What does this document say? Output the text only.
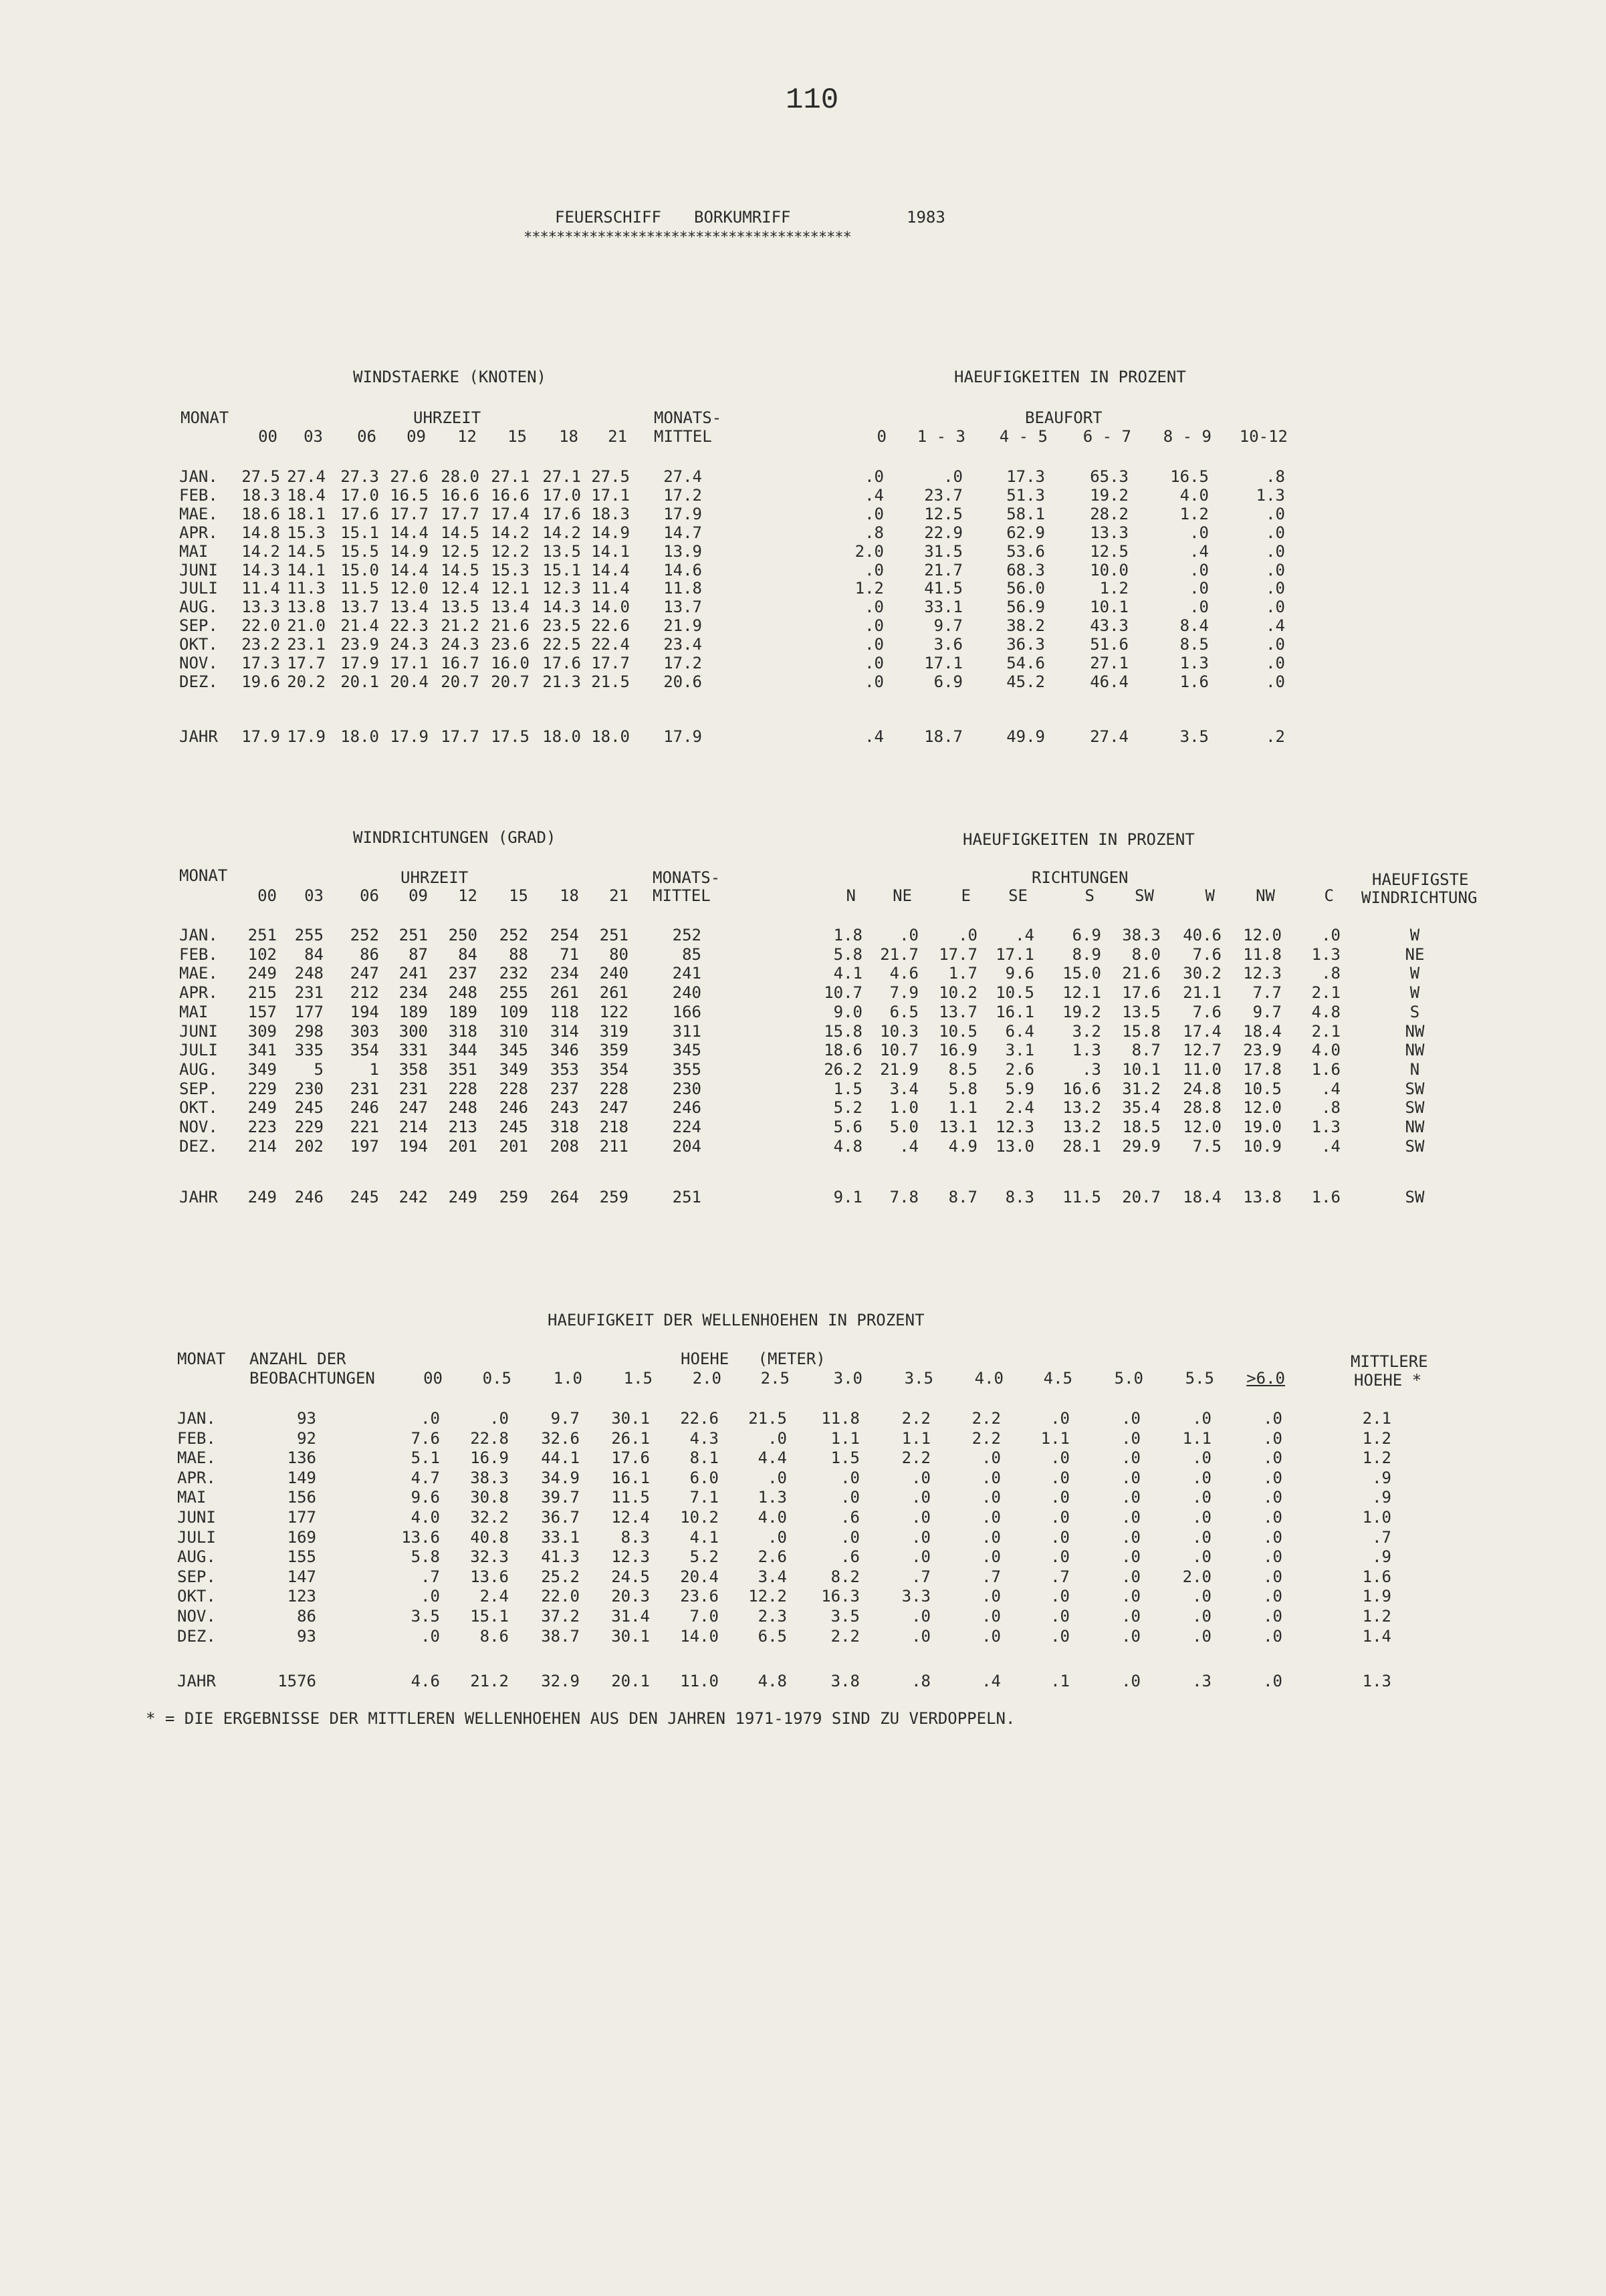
110
FEUERSCHIFF BORKUMRIFF	1983
****************************************
WINDSTAERKE (KNOTEN)	HAEUFIGKEITEN IN PROZENT
MONAT	UHRZEIT	MONATS-
MITTEL
BEAUFORT
00 03 06 09 12 15 18 21	0 1 - 3 4 - 5 6 - 7 8 - 9 10-12
JAN. 27.5 27.4 27.3 27.6 28.0 27.1 27.1 27.5 27.4	.0	.0	17.3	65.3	16.5	.8
FEB. 18.3 18.4 17.0 16.5 16.6 16.6 17.0 17.1 17.2	.4	23.7	51.3	19.2	4.0	1.3
MAE. 18.6 18.1 17.6 17.7 17.7 17.4 17.6 18.3 17.9	.0	12.5	58.1	28.2	1.2	.0
APR. 14.8 15.3 15.1 14.4 14.5 14.2 14.2 14.9 14.7	.8	22.9	62.9	13.3	.0	.0
MAI 14.2 14.5 15.5 14.9 12.5 12.2 13.5 14.1 13.9	2.0	31.5	53.6	12.5	.4	.0
JUNI 14.3 14.1 15.0 14.4 14.5 15.3 15.1 14.4 14.6	.0	21.7	68.3	10.0	.0	.0
JULI 11.4 11.3 11.5 12.0 12.4 12.1 12.3 11.4 11.8	1.2	41.5	56.0	1.2	.0	.0
AUG. 13.3 13.8 13.7 13.4 13.5 13.4 14.3 14.0 13.7	.0	33.1	56.9	10.1	.0	.0
SEP. 22.0 21.0 21.4 22.3 21.2 21.6 23.5 22.6 21.9	.0	9.7	38.2	43.3	8.4	.4
OKT. 23.2 23.1 23.9 24.3 24.3 23.6 22.5 22.4 23.4	.0	3.6	36.3	51.6	8.5	.0
NOV. 17.3 17.7 17.9 17.1 16.7 16.0 17.6 17.7 17.2	.0	17.1	54.6	27.1	1.3	.0
DEZ. 19.6 20.2 20.1 20.4 20.7 20.7 21.3 21.5 20.6	.0	6.9	45.2	46.4	1.6	.0
JAHR 17.9 17.9 18.0 17.9 17.7 17.5 18.0 18.0 17.9	.4	18.7	49.9	27.4	3.5	.2
WINDRICHTUNGEN (GRAD)	HAEUFIGKEITEN IN PROZENT
MONAT	UHRZEIT	MONATS-
MITTEL
RICHTUNGEN	HAEUFIGSTE
WINDRICHTUNG
00 03 06 09 12 15 18 21	N NE	E SE	S	SW	W	NW	C
JAN. 251 255 252 251 250 252 254 251	252	1.8 .0 .0 .4 6.9 38.3 40.6 12.0 .0	W
FEB. 102 84 86 87 84 88 71 80	85	5.8 21.7 17.7 17.1 8.9 8.0 7.6 11.8 1.3	NE
MAE. 249 248 247 241 237 232 234 240	241	4.1 4.6 1.7 9.6 15.0 21.6 30.2 12.3 .8	W
APR. 215 231 212 234 248 255 261 261	240	10.7 7.9 10.2 10.5 12.1 17.6 21.1 7.7 2.1	W
MAI 157 177 194 189 189 109 118 122	166	9.0 6.5 13.7 16.1 19.2 13.5 7.6 9.7 4.8	S
JUNI 309 298 303 300 318 310 314 319	311	15.8 10.3 10.5 6.4 3.2 15.8 17.4 18.4 2.1	NW
JULI 341 335 354 331 344 345 346 359	345	18.6 10.7 16.9 3.1 1.3 8.7 12.7 23.9 4.0	NW
AUG. 349 5	1 358 351 349 353 354	355	26.2 21.9 8.5 2.6	.3 10.1 11.0 17.8 1.6	N
SEP. 229 230 231 231 228 228 237 228	230	1.5 3.4 5.8 5.9 16.6 31.2 24.8 10.5 .4	SW
OKT. 249 245 246 247 248 246 243 247	246	5.2 1.0 1.1 2.4 13.2 35.4 28.8 12.0 .8	SW
NOV. 223 229 221 214 213 245 318 218	224	5.6 5.0 13.1 12.3 13.2 18.5 12.0 19.0 1.3	NW
DEZ. 214 202 197 194 201 201 208 211	204	4.8 .4 4.9 13.0 28.1 29.9 7.5 10.9 .4	SW
JAHR 249 246 245 242 249 259 264 259	251	9.1 7.8 8.7 8.3 11.5 20.7 18.4 13.8 1.6	SW
HAEUFIGKEIT DER WELLENHOEHEN IN PROZENT
MONAT ANZAHL DER
BEOBACHTUNGEN
HOEHE   (METER)	MITTLERE
HOEHE *
00 0.5	1.0	1.5 2.0 2.5	3.0	3.5	4.0 4.5	5.0	5.5 >6.0
JAN.	93	.0	.0	9.7 30.1 22.6 21.5 11.8	2.2	2.2	.0	.0	.0	.0	2.1
FEB.	92	7.6 22.8 32.6 26.1 4.3	.0	1.1	1.1	2.2 1.1	.0	1.1	.0	1.2
MAE.	136	5.1 16.9 44.1 17.6 8.1 4.4	1.5	2.2	.0	.0	.0	.0	.0	1.2
APR.	149	4.7 38.3 34.9 16.1 6.0	.0	.0	.0	.0	.0	.0	.0	.0	.9
MAI	156	9.6 30.8 39.7 11.5 7.1 1.3	.0	.0	.0	.0	.0	.0	.0	.9
JUNI	177	4.0 32.2 36.7 12.4 10.2 4.0	.6	.0	.0	.0	.0	.0	.0	1.0
JULI	169	13.6 40.8 33.1	8.3 4.1	.0	.0	.0	.0	.0	.0	.0	.0	.7
AUG.	155	5.8 32.3 41.3 12.3 5.2 2.6	.6	.0	.0	.0	.0	.0	.0	.9
SEP.	147	.7 13.6 25.2 24.5 20.4 3.4	8.2	.7	.7	.7	.0	2.0	.0	1.6
OKT.	123	.0 2.4 22.0 20.3 23.6 12.2 16.3	3.3	.0	.0	.0	.0	.0	1.9
NOV.	86	3.5 15.1 37.2 31.4 7.0 2.3	3.5	.0	.0	.0	.0	.0	.0	1.2
DEZ.	93	.0 8.6 38.7 30.1 14.0 6.5	2.2	.0	.0	.0	.0	.0	.0	1.4
JAHR	1576	4.6 21.2 32.9 20.1 11.0 4.8	3.8	.8	.4	.1	.0	.3	.0	1.3
* = DIE ERGEBNISSE DER MITTLEREN WELLENHOEHEN AUS DEN JAHREN 1971-1979 SIND ZU VERDOPPELN.
